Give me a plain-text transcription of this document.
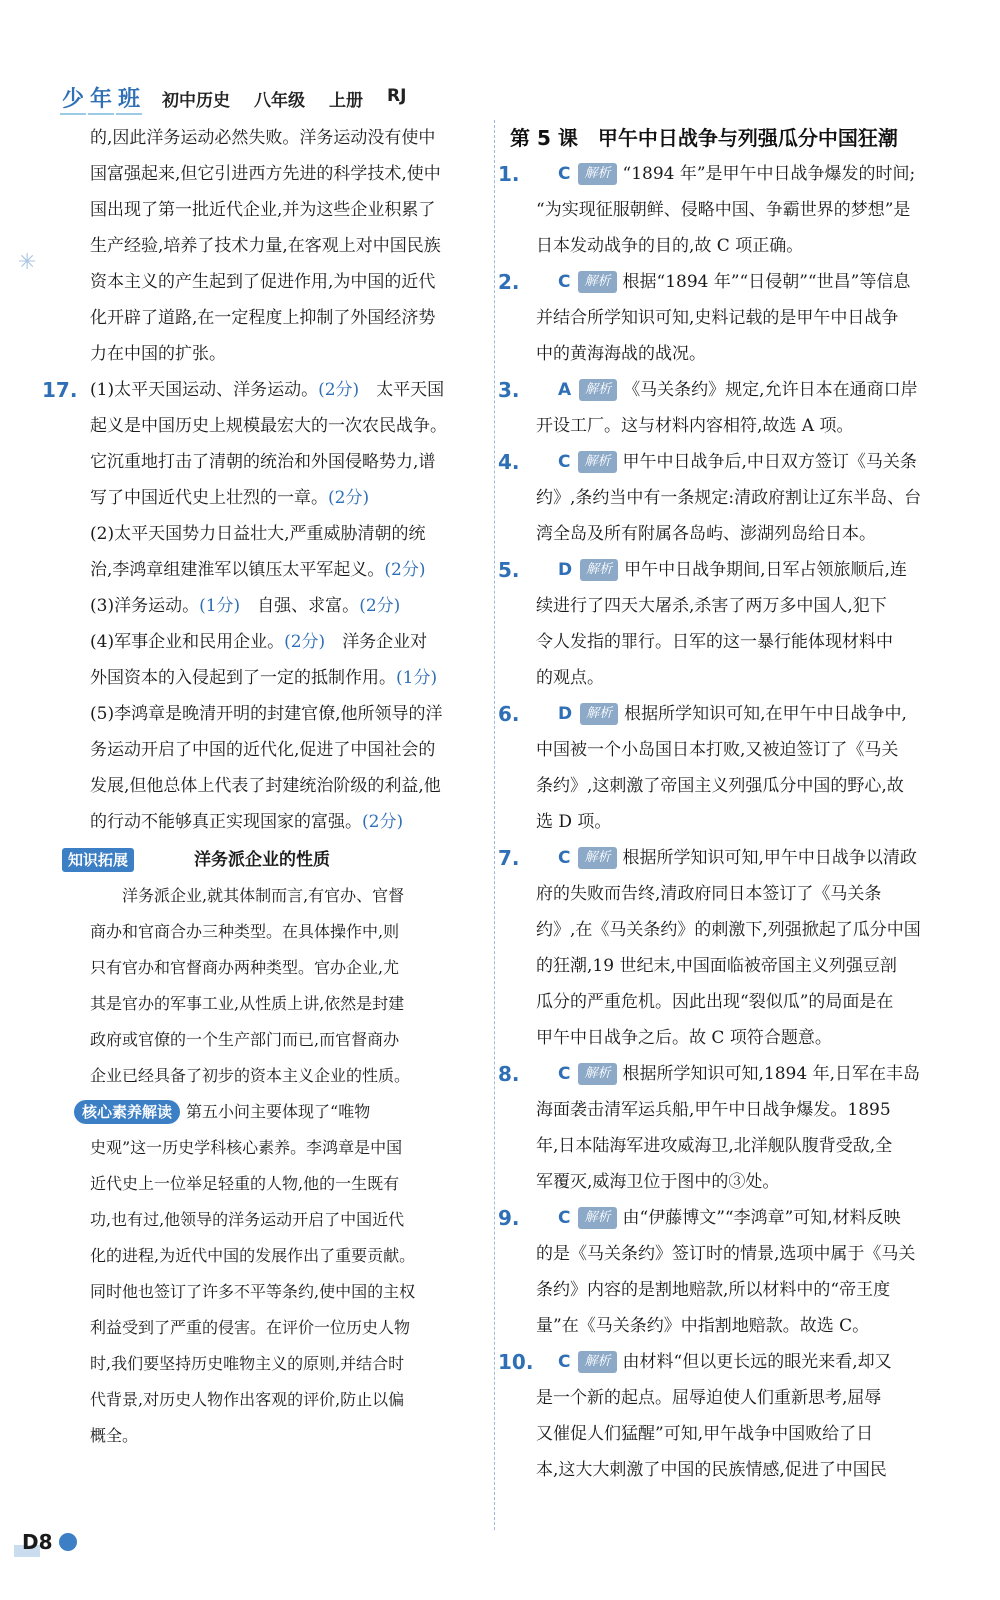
少 年 班 初中历史 八年级 上册 RJ
✳

的,因此洋务运动必然失败。洋务运动没有使中

国富强起来,但它引进西方先进的科学技术,使中

国出现了第一批近代企业,并为这些企业积累了

生产经验,培养了技术力量,在客观上对中国民族

资本主义的产生起到了促进作用,为中国的近代

化开辟了道路,在一定程度上抑制了外国经济势

力在中国的扩张。

17. (1)太平天国运动、洋务运动。(2分)　 太平天国

起义是中国历史上规模最宏大的一次农民战争。

它沉重地打击了清朝的统治和外国侵略势力,谱

写了中国近代史上壮烈的一章。(2分)

(2)太平天国势力日益壮大,严重威胁清朝的统

治,李鸿章组建淮军以镇压太平军起义。(2分)

(3)洋务运动。(1分)　 自强、求富。(2分)

(4)军事企业和民用企业。(2分)　 洋务企业对

外国资本的入侵起到了一定的抵制作用。(1分)

(5)李鸿章是晚清开明的封建官僚,他所领导的洋

务运动开启了中国的近代化,促进了中国社会的

发展,但他总体上代表了封建统治阶级的利益,他

的行动不能够真正实现国家的富强。(2分)

知识拓展	洋务派企业的性质

洋务派企业,就其体制而言,有官办、官督

商办和官商合办三种类型。在具体操作中,则

只有官办和官督商办两种类型。官办企业,尤

其是官办的军事工业,从性质上讲,依然是封建

政府或官僚的一个生产部门而已,而官督商办

企业已经具备了初步的资本主义企业的性质。

核心素养解读 第五小问主要体现了“唯物

史观”这一历史学科核心素养。李鸿章是中国

近代史上一位举足轻重的人物,他的一生既有

功,也有过,他领导的洋务运动开启了中国近代

化的进程,为近代中国的发展作出了重要贡献。

同时他也签订了许多不平等条约,使中国的主权

利益受到了严重的侵害。在评价一位历史人物

时,我们要坚持历史唯物主义的原则,并结合时

代背景,对历史人物作出客观的评价,防止以偏

概全。

第 5 课　甲午中日战争与列强瓜分中国狂潮

1. C 解析 “1894 年”是甲午中日战争爆发的时间;

“为实现征服朝鲜、侵略中国、争霸世界的梦想”是

日本发动战争的目的,故 C 项正确。

2. C 解析 根据“1894 年”“日侵朝”“世昌”等信息

并结合所学知识可知,史料记载的是甲午中日战争

中的黄海海战的战况。

3. A 解析 《马关条约》规定,允许日本在通商口岸

开设工厂。这与材料内容相符,故选 A 项。

4. C 解析 甲午中日战争后,中日双方签订《马关条

约》,条约当中有一条规定:清政府割让辽东半岛、台

湾全岛及所有附属各岛屿、澎湖列岛给日本。

5. D 解析 甲午中日战争期间,日军占领旅顺后,连

续进行了四天大屠杀,杀害了两万多中国人,犯下

令人发指的罪行。日军的这一暴行能体现材料中

的观点。

6. D 解析 根据所学知识可知,在甲午中日战争中,

中国被一个小岛国日本打败,又被迫签订了《马关

条约》,这刺激了帝国主义列强瓜分中国的野心,故

选 D 项。

7. C 解析 根据所学知识可知,甲午中日战争以清政

府的失败而告终,清政府同日本签订了《马关条

约》,在《马关条约》的刺激下,列强掀起了瓜分中国

的狂潮,19 世纪末,中国面临被帝国主义列强豆剖

瓜分的严重危机。因此出现“裂似瓜”的局面是在

甲午中日战争之后。故 C 项符合题意。

8. C 解析 根据所学知识可知,1894 年,日军在丰岛

海面袭击清军运兵船,甲午中日战争爆发。1895

年,日本陆海军进攻威海卫,北洋舰队腹背受敌,全

军覆灭,威海卫位于图中的③处。

9. C 解析 由“伊藤博文”“李鸿章”可知,材料反映

的是《马关条约》签订时的情景,选项中属于《马关

条约》内容的是割地赔款,所以材料中的“帝王度

量”在《马关条约》中指割地赔款。故选 C。

10. C 解析 由材料“但以更长远的眼光来看,却又

是一个新的起点。屈辱迫使人们重新思考,屈辱

又催促人们猛醒”可知,甲午战争中国败给了日

本,这大大刺激了中国的民族情感,促进了中国民

D8
